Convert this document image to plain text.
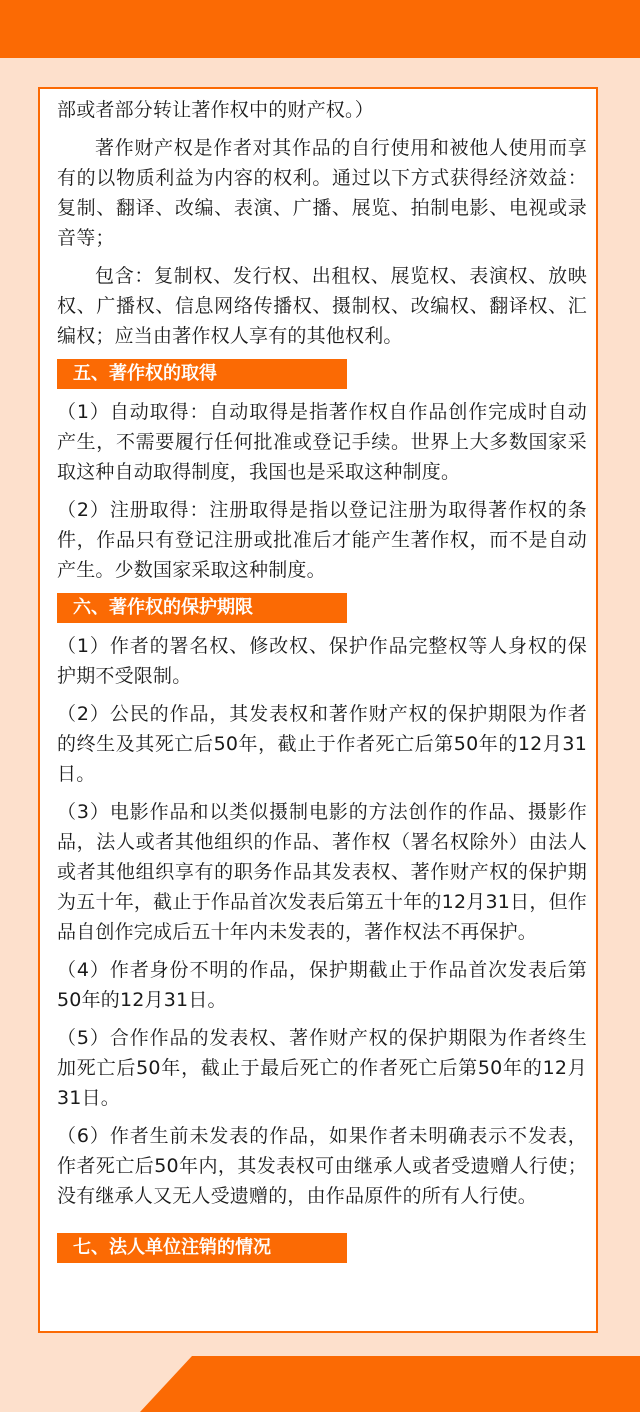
部或者部分转让著作权中的财产权。）

著作财产权是作者对其作品的自行使用和被他人使用而享有的以物质利益为内容的权利。通过以下方式获得经济效益：复制、翻译、改编、表演、广播、展览、拍制电影、电视或录音等；

包含：复制权、发行权、出租权、展览权、表演权、放映权、广播权、信息网络传播权、摄制权、改编权、翻译权、汇编权；应当由著作权人享有的其他权利。

五、著作权的取得

（1）自动取得：自动取得是指著作权自作品创作完成时自动产生，不需要履行任何批准或登记手续。世界上大多数国家采取这种自动取得制度，我国也是采取这种制度。

（2）注册取得：注册取得是指以登记注册为取得著作权的条件，作品只有登记注册或批准后才能产生著作权，而不是自动产生。少数国家采取这种制度。

六、著作权的保护期限

（1）作者的署名权、修改权、保护作品完整权等人身权的保护期不受限制。

（2）公民的作品，其发表权和著作财产权的保护期限为作者的终生及其死亡后50年，截止于作者死亡后第50年的12月31日。

（3）电影作品和以类似摄制电影的方法创作的作品、摄影作品，法人或者其他组织的作品、著作权（署名权除外）由法人或者其他组织享有的职务作品其发表权、著作财产权的保护期为五十年，截止于作品首次发表后第五十年的12月31日，但作品自创作完成后五十年内未发表的，著作权法不再保护。

（4）作者身份不明的作品，保护期截止于作品首次发表后第50年的12月31日。

（5）合作作品的发表权、著作财产权的保护期限为作者终生加死亡后50年，截止于最后死亡的作者死亡后第50年的12月31日。

（6）作者生前未发表的作品，如果作者未明确表示不发表，作者死亡后50年内，其发表权可由继承人或者受遗赠人行使；没有继承人又无人受遗赠的，由作品原件的所有人行使。

七、法人单位注销的情况
